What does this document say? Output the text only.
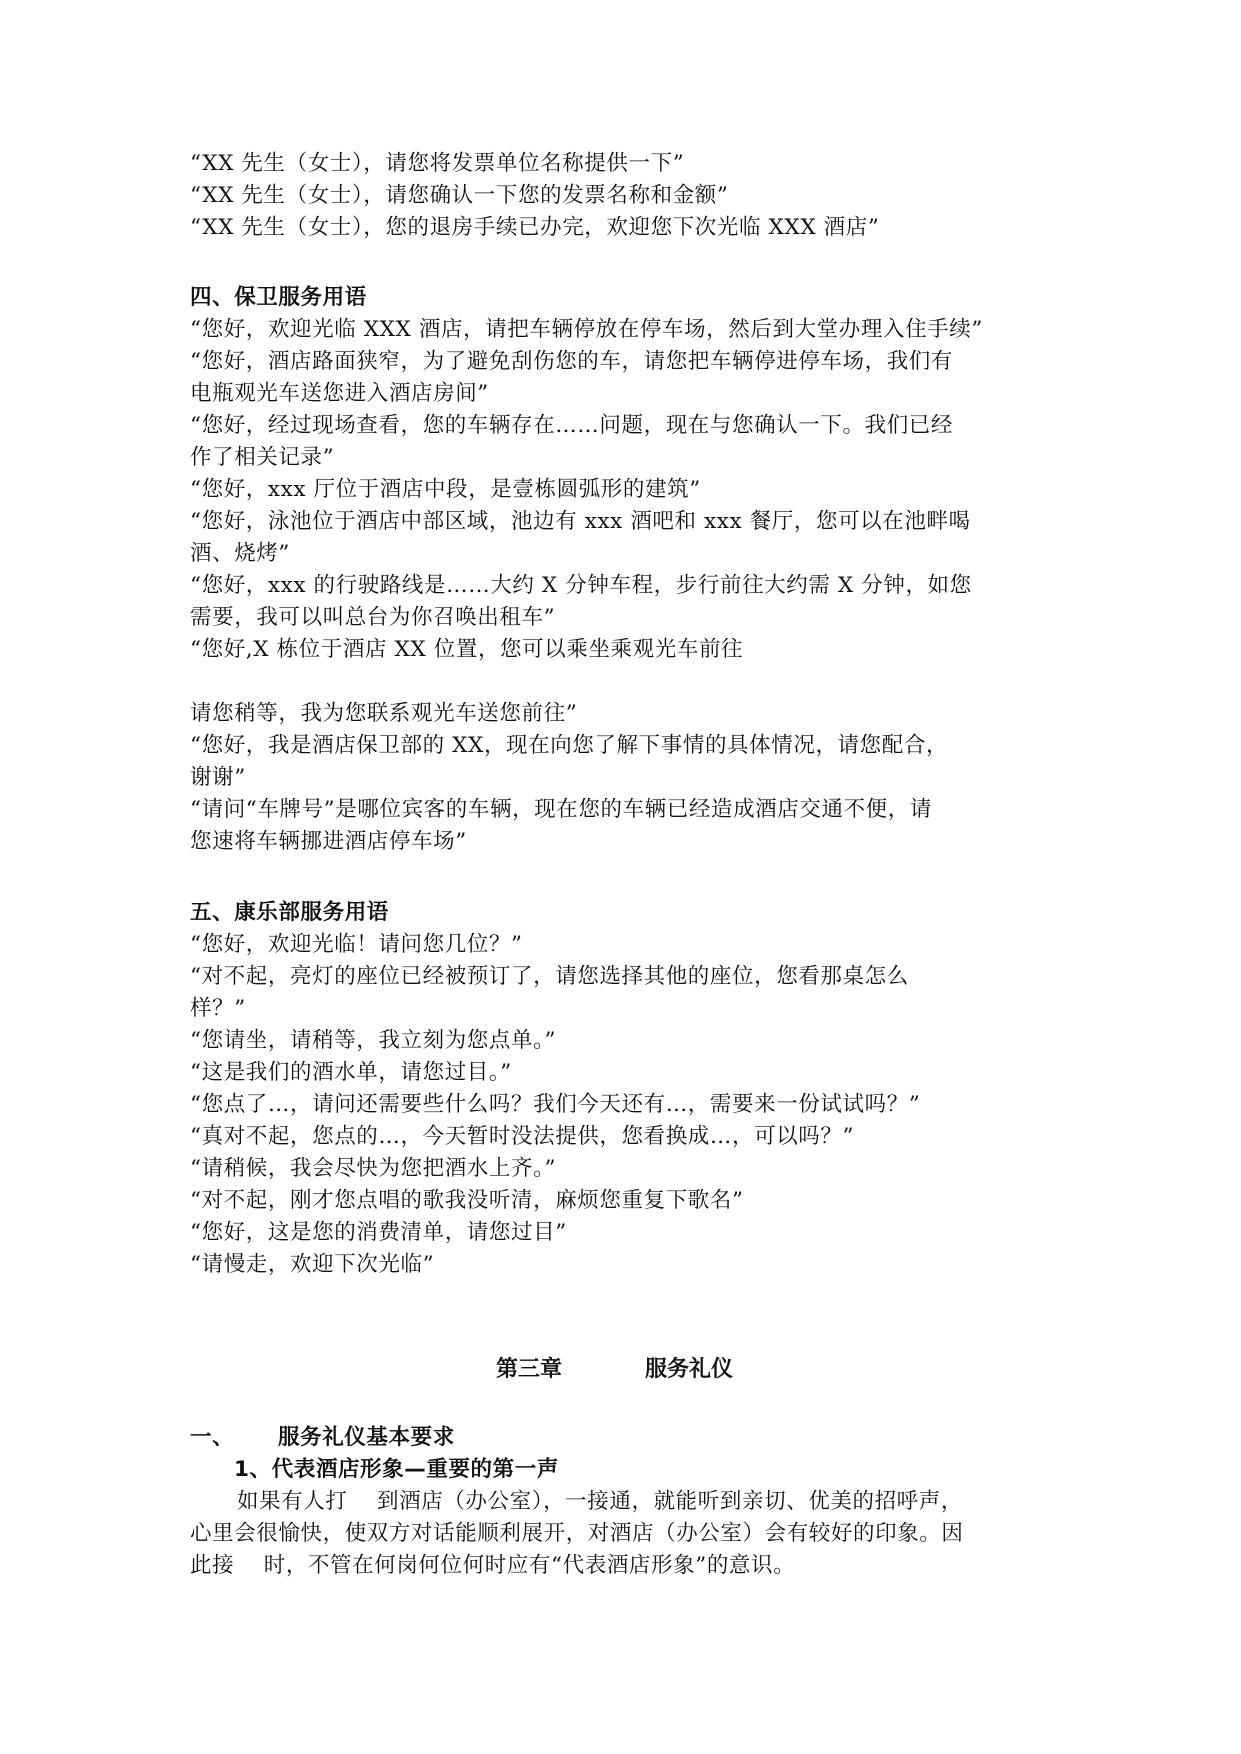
“XX 先生（女士），请您将发票单位名称提供一下”
“XX 先生（女士），请您确认一下您的发票名称和金额”
“XX 先生（女士），您的退房手续已办完，欢迎您下次光临 XXX 酒店”
四、保卫服务用语
“您好，欢迎光临 XXX 酒店，请把车辆停放在停车场，然后到大堂办理入住手续”
“您好，酒店路面狭窄，为了避免刮伤您的车，请您把车辆停进停车场，我们有
电瓶观光车送您进入酒店房间”
“您好，经过现场查看，您的车辆存在……问题，现在与您确认一下。我们已经
作了相关记录”
“您好，xxx 厅位于酒店中段，是壹栋圆弧形的建筑”
“您好，泳池位于酒店中部区域，池边有 xxx 酒吧和 xxx 餐厅，您可以在池畔喝
酒、烧烤”
“您好，xxx 的行驶路线是……大约 X 分钟车程，步行前往大约需 X 分钟，如您
需要，我可以叫总台为你召唤出租车”
“您好,X 栋位于酒店 XX 位置，您可以乘坐乘观光车前往
请您稍等，我为您联系观光车送您前往”
“您好，我是酒店保卫部的 XX，现在向您了解下事情的具体情况，请您配合，
谢谢”
“请问“车牌号”是哪位宾客的车辆，现在您的车辆已经造成酒店交通不便，请
您速将车辆挪进酒店停车场”
五、康乐部服务用语
“您好，欢迎光临！请问您几位？”
“对不起，亮灯的座位已经被预订了，请您选择其他的座位，您看那桌怎么
样？”
“您请坐，请稍等，我立刻为您点单。”
“这是我们的酒水单，请您过目。”
“您点了…，请问还需要些什么吗？我们今天还有…，需要来一份试试吗？”
“真对不起，您点的…，今天暂时没法提供，您看换成…，可以吗？”
“请稍候，我会尽快为您把酒水上齐。”
“对不起，刚才您点唱的歌我没听清，麻烦您重复下歌名”
“您好，这是您的消费清单，请您过目”
“请慢走，欢迎下次光临”
第三章	服务礼仪
一、 服务礼仪基本要求
1、代表酒店形象—重要的第一声
如果有人打　 到酒店（办公室），一接通，就能听到亲切、优美的招呼声，
心里会很愉快，使双方对话能顺利展开，对酒店（办公室）会有较好的印象。因
此接　 时，不管在何岗何位何时应有“代表酒店形象”的意识。
